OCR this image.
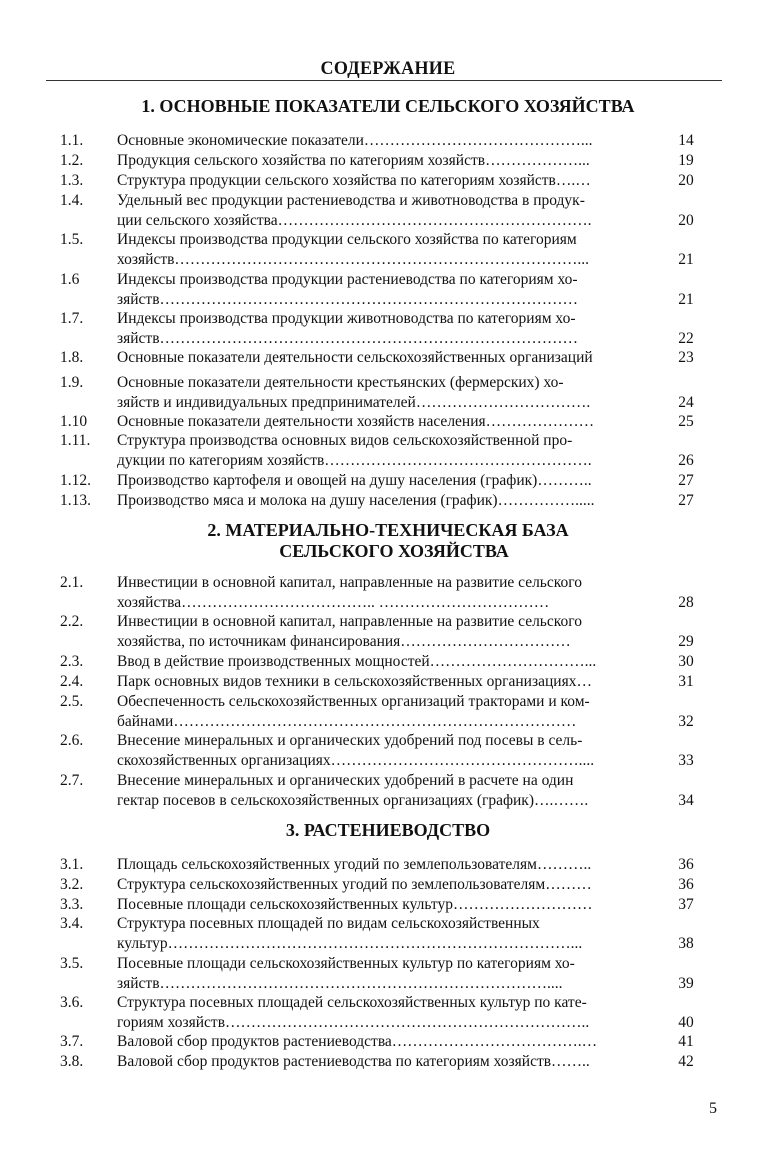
СОДЕРЖАНИЕ
1. ОСНОВНЫЕ ПОКАЗАТЕЛИ СЕЛЬСКОГО ХОЗЯЙСТВА
1.1.	Основные экономические показатели……………………………………...	14
1.2.	Продукция сельского хозяйства по категориям хозяйств………………...	19
1.3.	Структура продукции сельского хозяйства по категориям хозяйств….…	20
1.4.	Удельный вес продукции растениеводства и животноводства в продук-
ции сельского хозяйства…………………………………………………….	20
1.5.	Индексы производства продукции сельского хозяйства по категориям
хозяйств……………………………………………………………………...	21
1.6	Индексы производства продукции растениеводства по категориям хо-
зяйств………………………………………………………………………	21
1.7.	Индексы производства продукции животноводства по категориям хо-
зяйств………………………………………………………………………	22
1.8.	Основные показатели деятельности сельскохозяйственных организаций	23
1.9.	Основные показатели деятельности крестьянских (фермерских) хо-
зяйств и индивидуальных предпринимателей…………………………….	24
1.10	Основные показатели деятельности хозяйств населения…………………	25
1.11.	Структура производства основных видов сельскохозяйственной про-
дукции по категориям хозяйств…………………………………………….	26
1.12.	Производство картофеля и овощей на душу населения (график)………..	27
1.13.	Производство мяса и молока на душу населения (график)…………….....	27
2. МАТЕРИАЛЬНО-ТЕХНИЧЕСКАЯ БАЗА
СЕЛЬСКОГО ХОЗЯЙСТВА
2.1.	Инвестиции в основной капитал, направленные на развитие сельского
хозяйства……………………………….. ……………………………	28
2.2.	Инвестиции в основной капитал, направленные на развитие сельского
хозяйства, по источникам финансирования……………………………	29
2.3.	Ввод в действие производственных мощностей…………………………...	30
2.4.	Парк основных видов техники в сельскохозяйственных организациях…	31
2.5.	Обеспеченность сельскохозяйственных организаций тракторами и ком-
байнами……………………………………………………………………	32
2.6.	Внесение минеральных и органических удобрений под посевы в сель-
скохозяйственных организациях…………………………………………....	33
2.7.	Внесение минеральных и органических удобрений в расчете на один
гектар посевов в сельскохозяйственных организациях (график)….…….	34
3. РАСТЕНИЕВОДСТВО
3.1.	Площадь сельскохозяйственных угодий по землепользователям………..	36
3.2.	Структура сельскохозяйственных угодий по землепользователям………	36
3.3.	Посевные площади сельскохозяйственных культур………………………	37
3.4.	Структура посевных площадей по видам сельскохозяйственных
культур……………………………………………………………………...	38
3.5.	Посевные площади сельскохозяйственных культур по категориям хо-
зяйств…………………………………………………………………....	39
3.6.	Структура посевных площадей сельскохозяйственных культур по кате-
гориям хозяйств……………………………………………………………..	40
3.7.	Валовой сбор продуктов растениеводства……………………………….…	41
3.8.	Валовой сбор продуктов растениеводства по категориям хозяйств……..	42
5
